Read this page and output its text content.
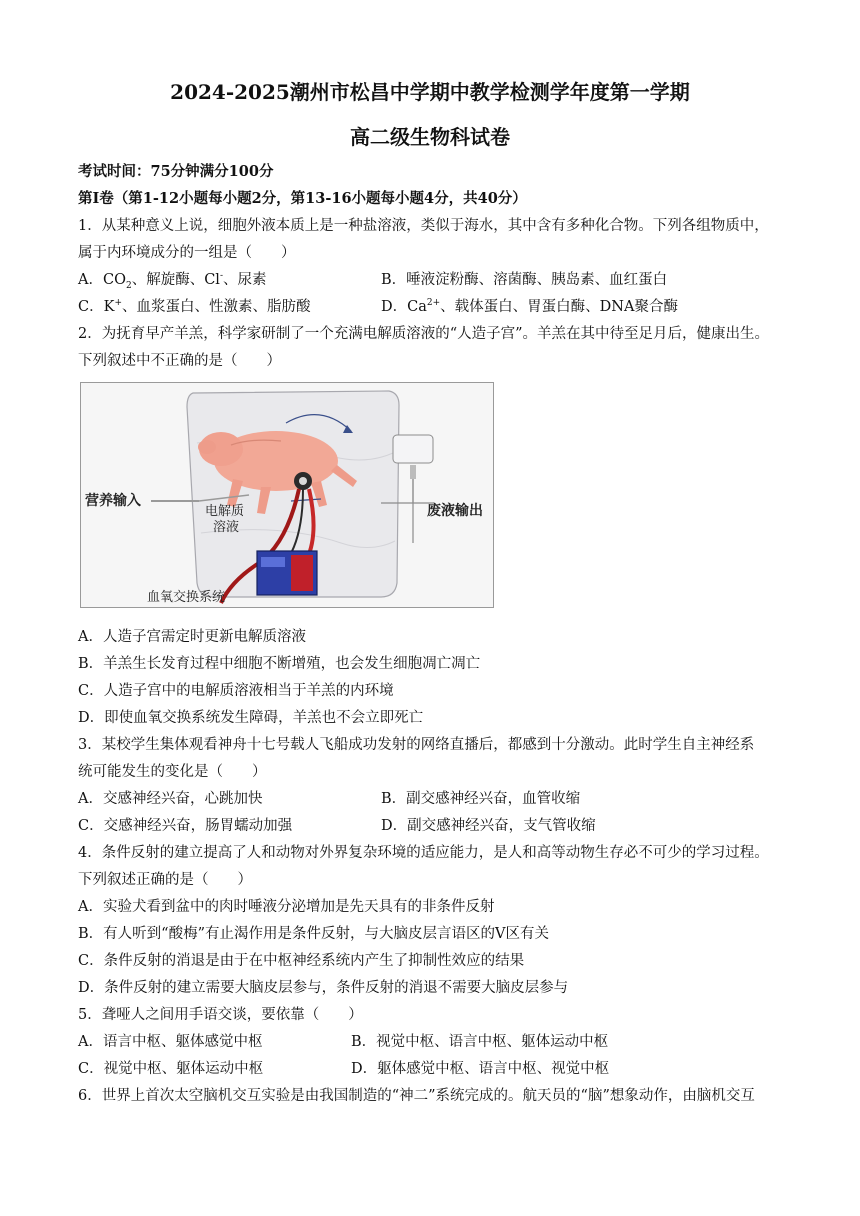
2024-2025潮州市松昌中学期中教学检测学年度第一学期
高二级生物科试卷
考试时间：75分钟满分100分
第Ⅰ卷（第1-12小题每小题2分，第13-16小题每小题4分，共40分）
1．从某种意义上说，细胞外液本质上是一种盐溶液，类似于海水，其中含有多种化合物。下列各组物质中，
属于内环境成分的一组是（　　）
A．$CO_2$、解旋酶、Cl-、尿素	B．唾液淀粉酶、溶菌酶、胰岛素、血红蛋白
C．K+、血浆蛋白、性激素、脂肪酸	D．$Ca^{2+}$、载体蛋白、胃蛋白酶、DNA聚合酶
2．为抚育早产羊羔，科学家研制了一个充满电解质溶液的“人造子宫”。羊羔在其中待至足月后，健康出生。
下列叙述中不正确的是（　　）
营养输入
电解质
溶液
废液输出
血氧交换系统
A．人造子宫需定时更新电解质溶液
B．羊羔生长发育过程中细胞不断增殖，也会发生细胞凋亡凋亡
C．人造子宫中的电解质溶液相当于羊羔的内环境
D．即使血氧交换系统发生障碍，羊羔也不会立即死亡
3．某校学生集体观看神舟十七号载人飞船成功发射的网络直播后，都感到十分激动。此时学生自主神经系
统可能发生的变化是（　　）
A．交感神经兴奋，心跳加快	B．副交感神经兴奋，血管收缩
C．交感神经兴奋，肠胃蠕动加强	D．副交感神经兴奋，支气管收缩
4．条件反射的建立提高了人和动物对外界复杂环境的适应能力，是人和高等动物生存必不可少的学习过程。
下列叙述正确的是（　　）
A．实验犬看到盆中的肉时唾液分泌增加是先天具有的非条件反射
B．有人听到“酸梅”有止渴作用是条件反射，与大脑皮层言语区的V区有关
C．条件反射的消退是由于在中枢神经系统内产生了抑制性效应的结果
D．条件反射的建立需要大脑皮层参与，条件反射的消退不需要大脑皮层参与
5．聋哑人之间用手语交谈，要依靠（　　）
A．语言中枢、躯体感觉中枢	B．视觉中枢、语言中枢、躯体运动中枢
C．视觉中枢、躯体运动中枢	D．躯体感觉中枢、语言中枢、视觉中枢
6．世界上首次太空脑机交互实验是由我国制造的“神二”系统完成的。航天员的“脑”想象动作，由脑机交互
